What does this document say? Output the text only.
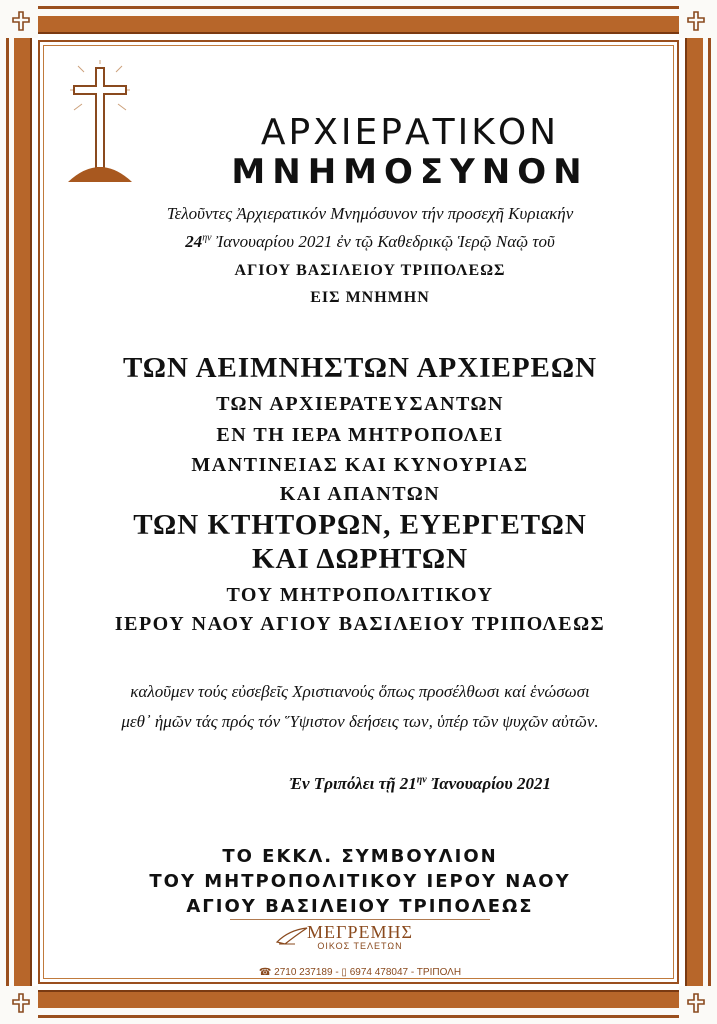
ΑΡΧΙΕΡΑΤΙΚΟΝ
ΜΝΗΜΟΣΥΝΟΝ
Τελοῦντες Ἀρχιερατικόν Μνημόσυνον τήν προσεχῆ Κυριακήν
$24^{\eta\nu}$ Ἰανουαρίου 2021 ἐν τῷ Καθεδρικῷ Ἱερῷ Ναῷ τοῦ
ΑΓΙΟΥ ΒΑΣΙΛΕΙΟΥ ΤΡΙΠΟΛΕΩΣ
ΕΙΣ ΜΝΗΜΗΝ
ΤΩΝ ΑΕΙΜΝΗΣΤΩΝ ΑΡΧΙΕΡΕΩΝ
ΤΩΝ ΑΡΧΙΕΡΑΤΕΥΣΑΝΤΩΝ
ΕΝ ΤΗ ΙΕΡΑ ΜΗΤΡΟΠΟΛΕΙ
ΜΑΝΤΙΝΕΙΑΣ ΚΑΙ ΚΥΝΟΥΡΙΑΣ
ΚΑΙ ΑΠΑΝΤΩΝ
ΤΩΝ ΚΤΗΤΟΡΩΝ, ΕΥΕΡΓΕΤΩΝ
ΚΑΙ ΔΩΡΗΤΩΝ
ΤΟΥ ΜΗΤΡΟΠΟΛΙΤΙΚΟΥ
ΙΕΡΟΥ ΝΑΟΥ ΑΓΙΟΥ ΒΑΣΙΛΕΙΟΥ ΤΡΙΠΟΛΕΩΣ
καλοῦμεν τούς εὐσεβεῖς Χριστιανούς ὅπως προσέλθωσι καί ἑνώσωσι
μεθ᾽ ἡμῶν τάς πρός τόν Ὕψιστον δεήσεις των, ὑπέρ τῶν ψυχῶν αὐτῶν.
Ἐν Τριπόλει τῇ $21^{\eta\nu}$ Ἰανουαρίου 2021
ΤΟ ΕΚΚΛ. ΣΥΜΒΟΥΛΙΟΝ
ΤΟΥ ΜΗΤΡΟΠΟΛΙΤΙΚΟΥ ΙΕΡΟΥ ΝΑΟΥ
ΑΓΙΟΥ ΒΑΣΙΛΕΙΟΥ ΤΡΙΠΟΛΕΩΣ
ΜΕΓΡΕΜΗΣ
ΟΙΚΟΣ ΤΕΛΕΤΩΝ
☎ 2710 237189 - ▯ 6974 478047 - ΤΡΙΠΟΛΗ
